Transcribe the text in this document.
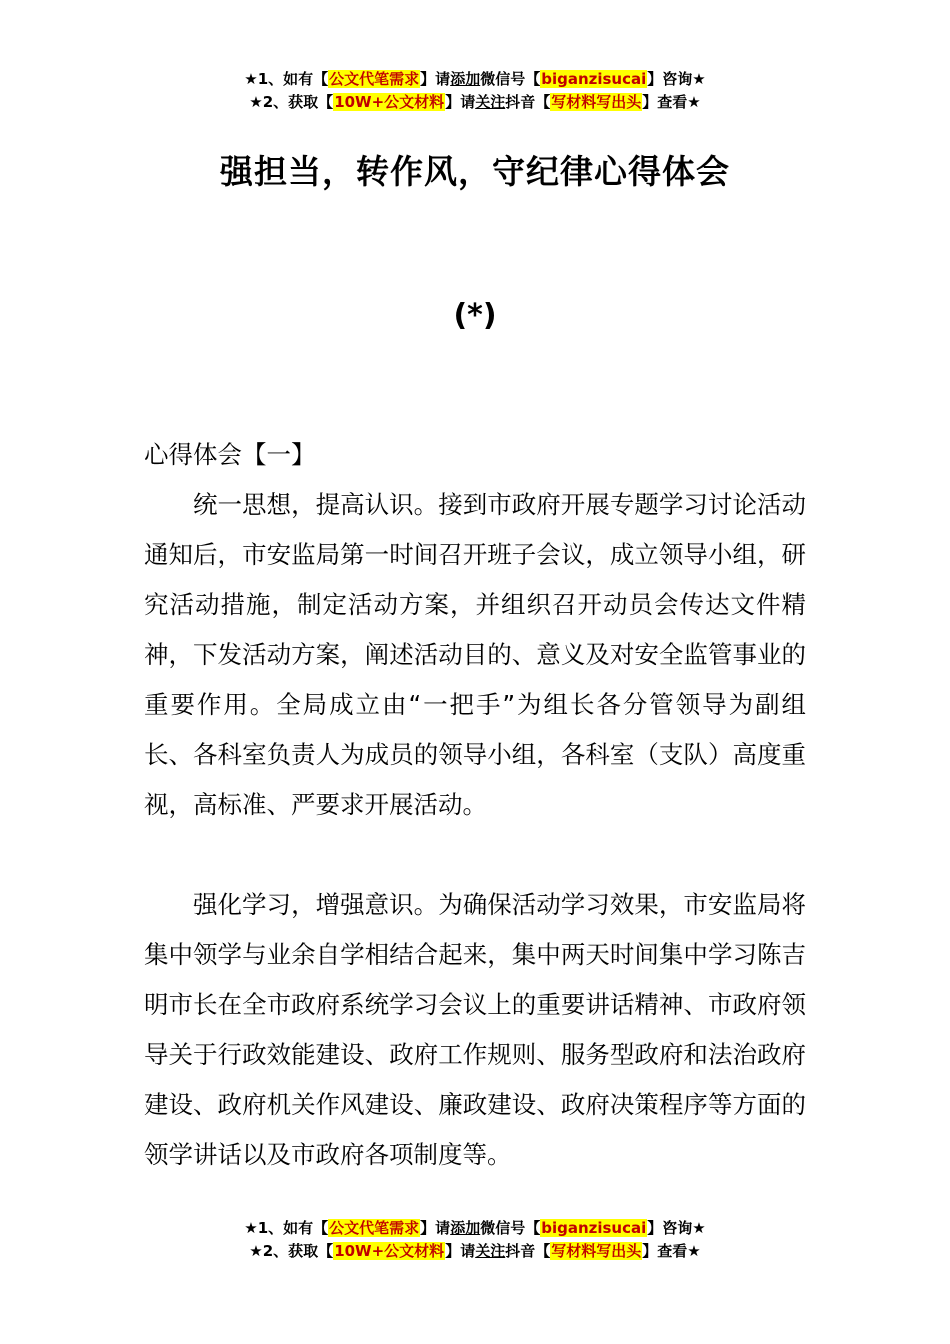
★1、如有【公文代笔需求】请添加微信号【biganzisucai】咨询★
★2、获取【10W+公文材料】请关注抖音【写材料写出头】查看★
强担当，转作风，守纪律心得体会
(*)

心得体会【一】

统一思想，提高认识。接到市政府开展专题学习讨论活动通知后，市安监局第一时间召开班子会议，成立领导小组，研究活动措施，制定活动方案，并组织召开动员会传达文件精神，下发活动方案，阐述活动目的、意义及对安全监管事业的重要作用。全局成立由“一把手”为组长各分管领导为副组长、各科室负责人为成员的领导小组，各科室（支队）高度重视，高标准、严要求开展活动。

强化学习，增强意识。为确保活动学习效果，市安监局将集中领学与业余自学相结合起来，集中两天时间集中学习陈吉明市长在全市政府系统学习会议上的重要讲话精神、市政府领导关于行政效能建设、政府工作规则、服务型政府和法治政府建设、政府机关作风建设、廉政建设、政府决策程序等方面的领学讲话以及市政府各项制度等。

★1、如有【公文代笔需求】请添加微信号【biganzisucai】咨询★
★2、获取【10W+公文材料】请关注抖音【写材料写出头】查看★
